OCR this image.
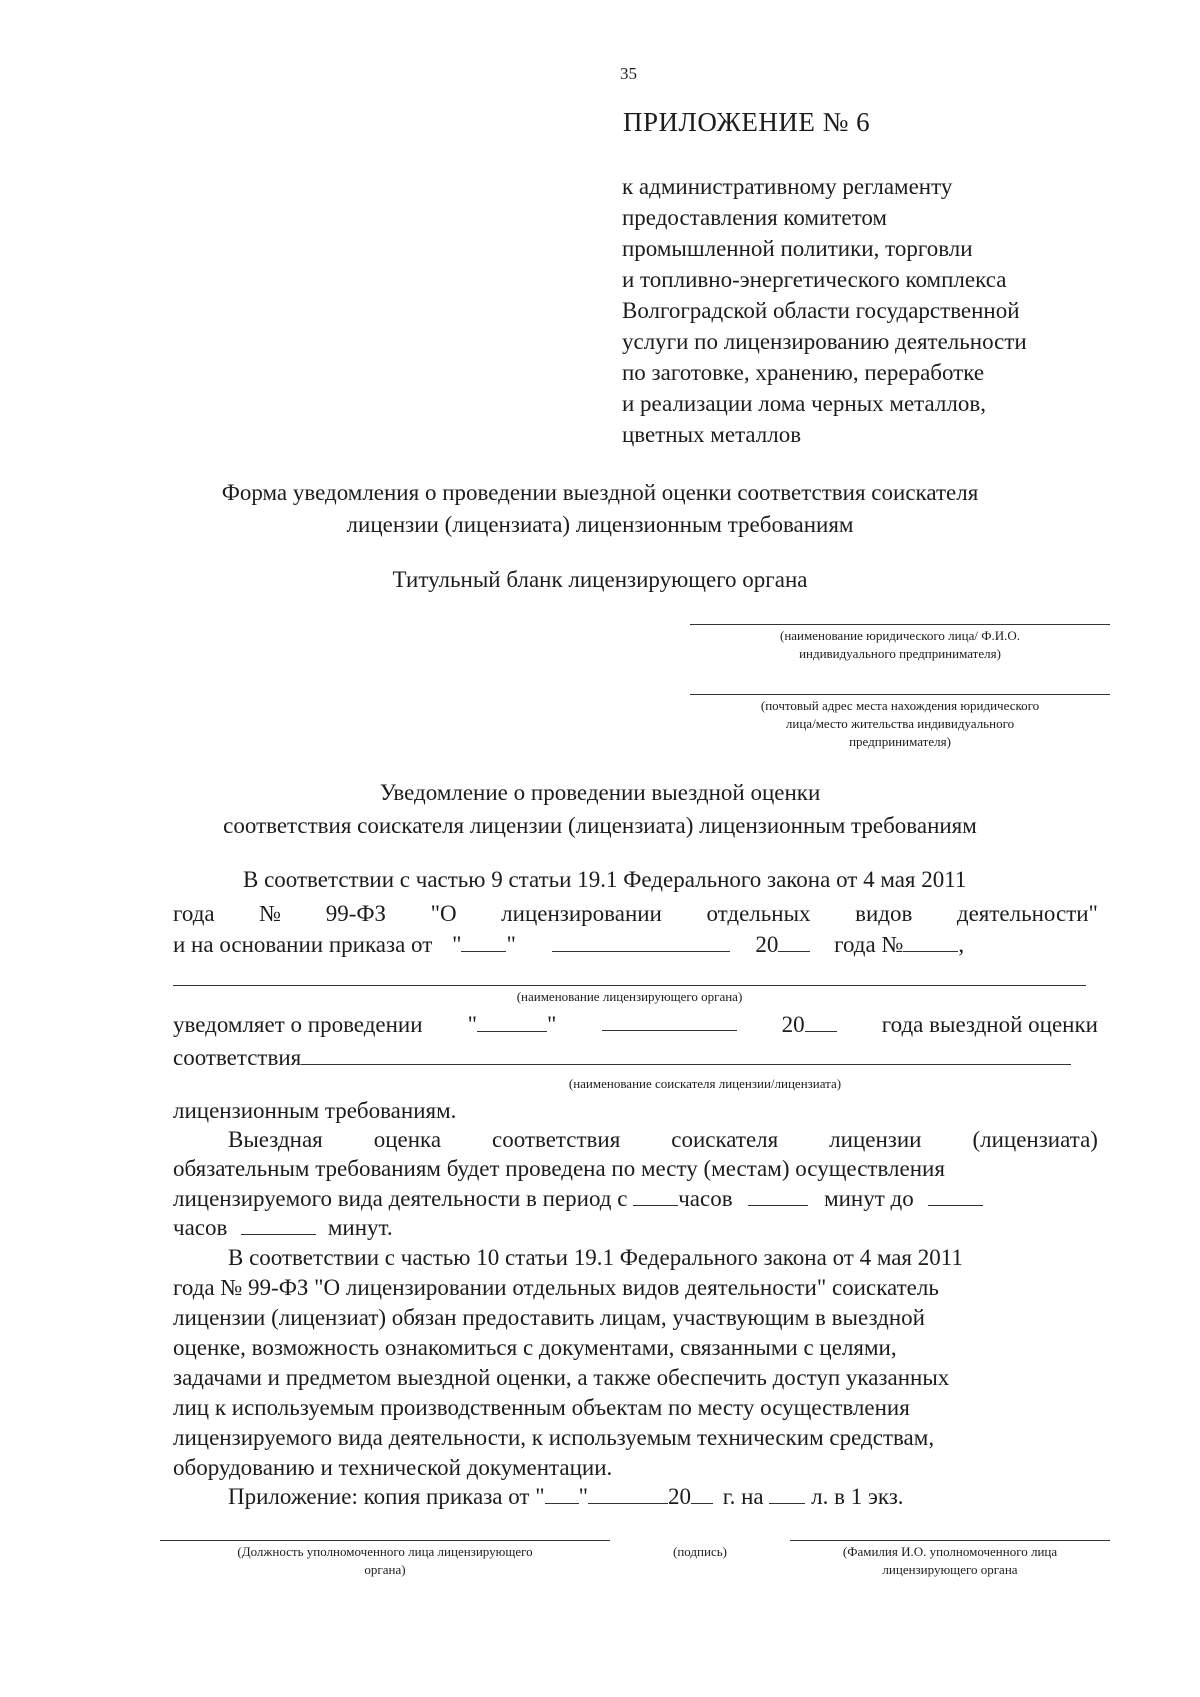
35
ПРИЛОЖЕНИЕ № 6
к административному регламенту
предоставления комитетом
промышленной политики, торговли
и топливно-энергетического комплекса
Волгоградской области государственной
услуги по лицензированию деятельности
по заготовке, хранению, переработке
и реализации лома черных металлов,
цветных металлов
Форма уведомления о проведении выездной оценки соответствия соискателя
лицензии (лицензиата) лицензионным требованиям
Титульный бланк лицензирующего органа
(наименование юридического лица/ Ф.И.О.
индивидуального предпринимателя)
(почтовый адрес места нахождения юридического
лица/место жительства индивидуального
предпринимателя)
Уведомление о проведении выездной оценки
соответствия соискателя лицензии (лицензиата) лицензионным требованиям
В соответствии с частью 9 статьи 19.1 Федерального закона от 4 мая 2011
года № 99-ФЗ "О лицензировании отдельных видов деятельности"
и на основании приказа от " "	20 года № ,
(наименование лицензирующего органа)
уведомляет о проведении "	"	20	года выездной оценки
соответствия
(наименование соискателя лицензии/лицензиата)
лицензионным требованиям.
Выездная оценка соответствия соискателя лицензии (лицензиата)
обязательным требованиям будет проведена по месту (местам) осуществления
лицензируемого вида деятельности в период с часов	минут до
часов	минут.
В соответствии с частью 10 статьи 19.1 Федерального закона от 4 мая 2011
года № 99-ФЗ "О лицензировании отдельных видов деятельности" соискатель
лицензии (лицензиат) обязан предоставить лицам, участвующим в выездной
оценке, возможность ознакомиться с документами, связанными с целями,
задачами и предметом выездной оценки, а также обеспечить доступ указанных
лиц к используемым производственным объектам по месту осуществления
лицензируемого вида деятельности, к используемым техническим средствам,
оборудованию и технической документации.
Приложение: копия приказа от " "	20 г. на л. в 1 экз.
(Должность уполномоченного лица лицензирующего
органа)
(подпись)	(Фамилия И.О. уполномоченного лица
лицензирующего органа
